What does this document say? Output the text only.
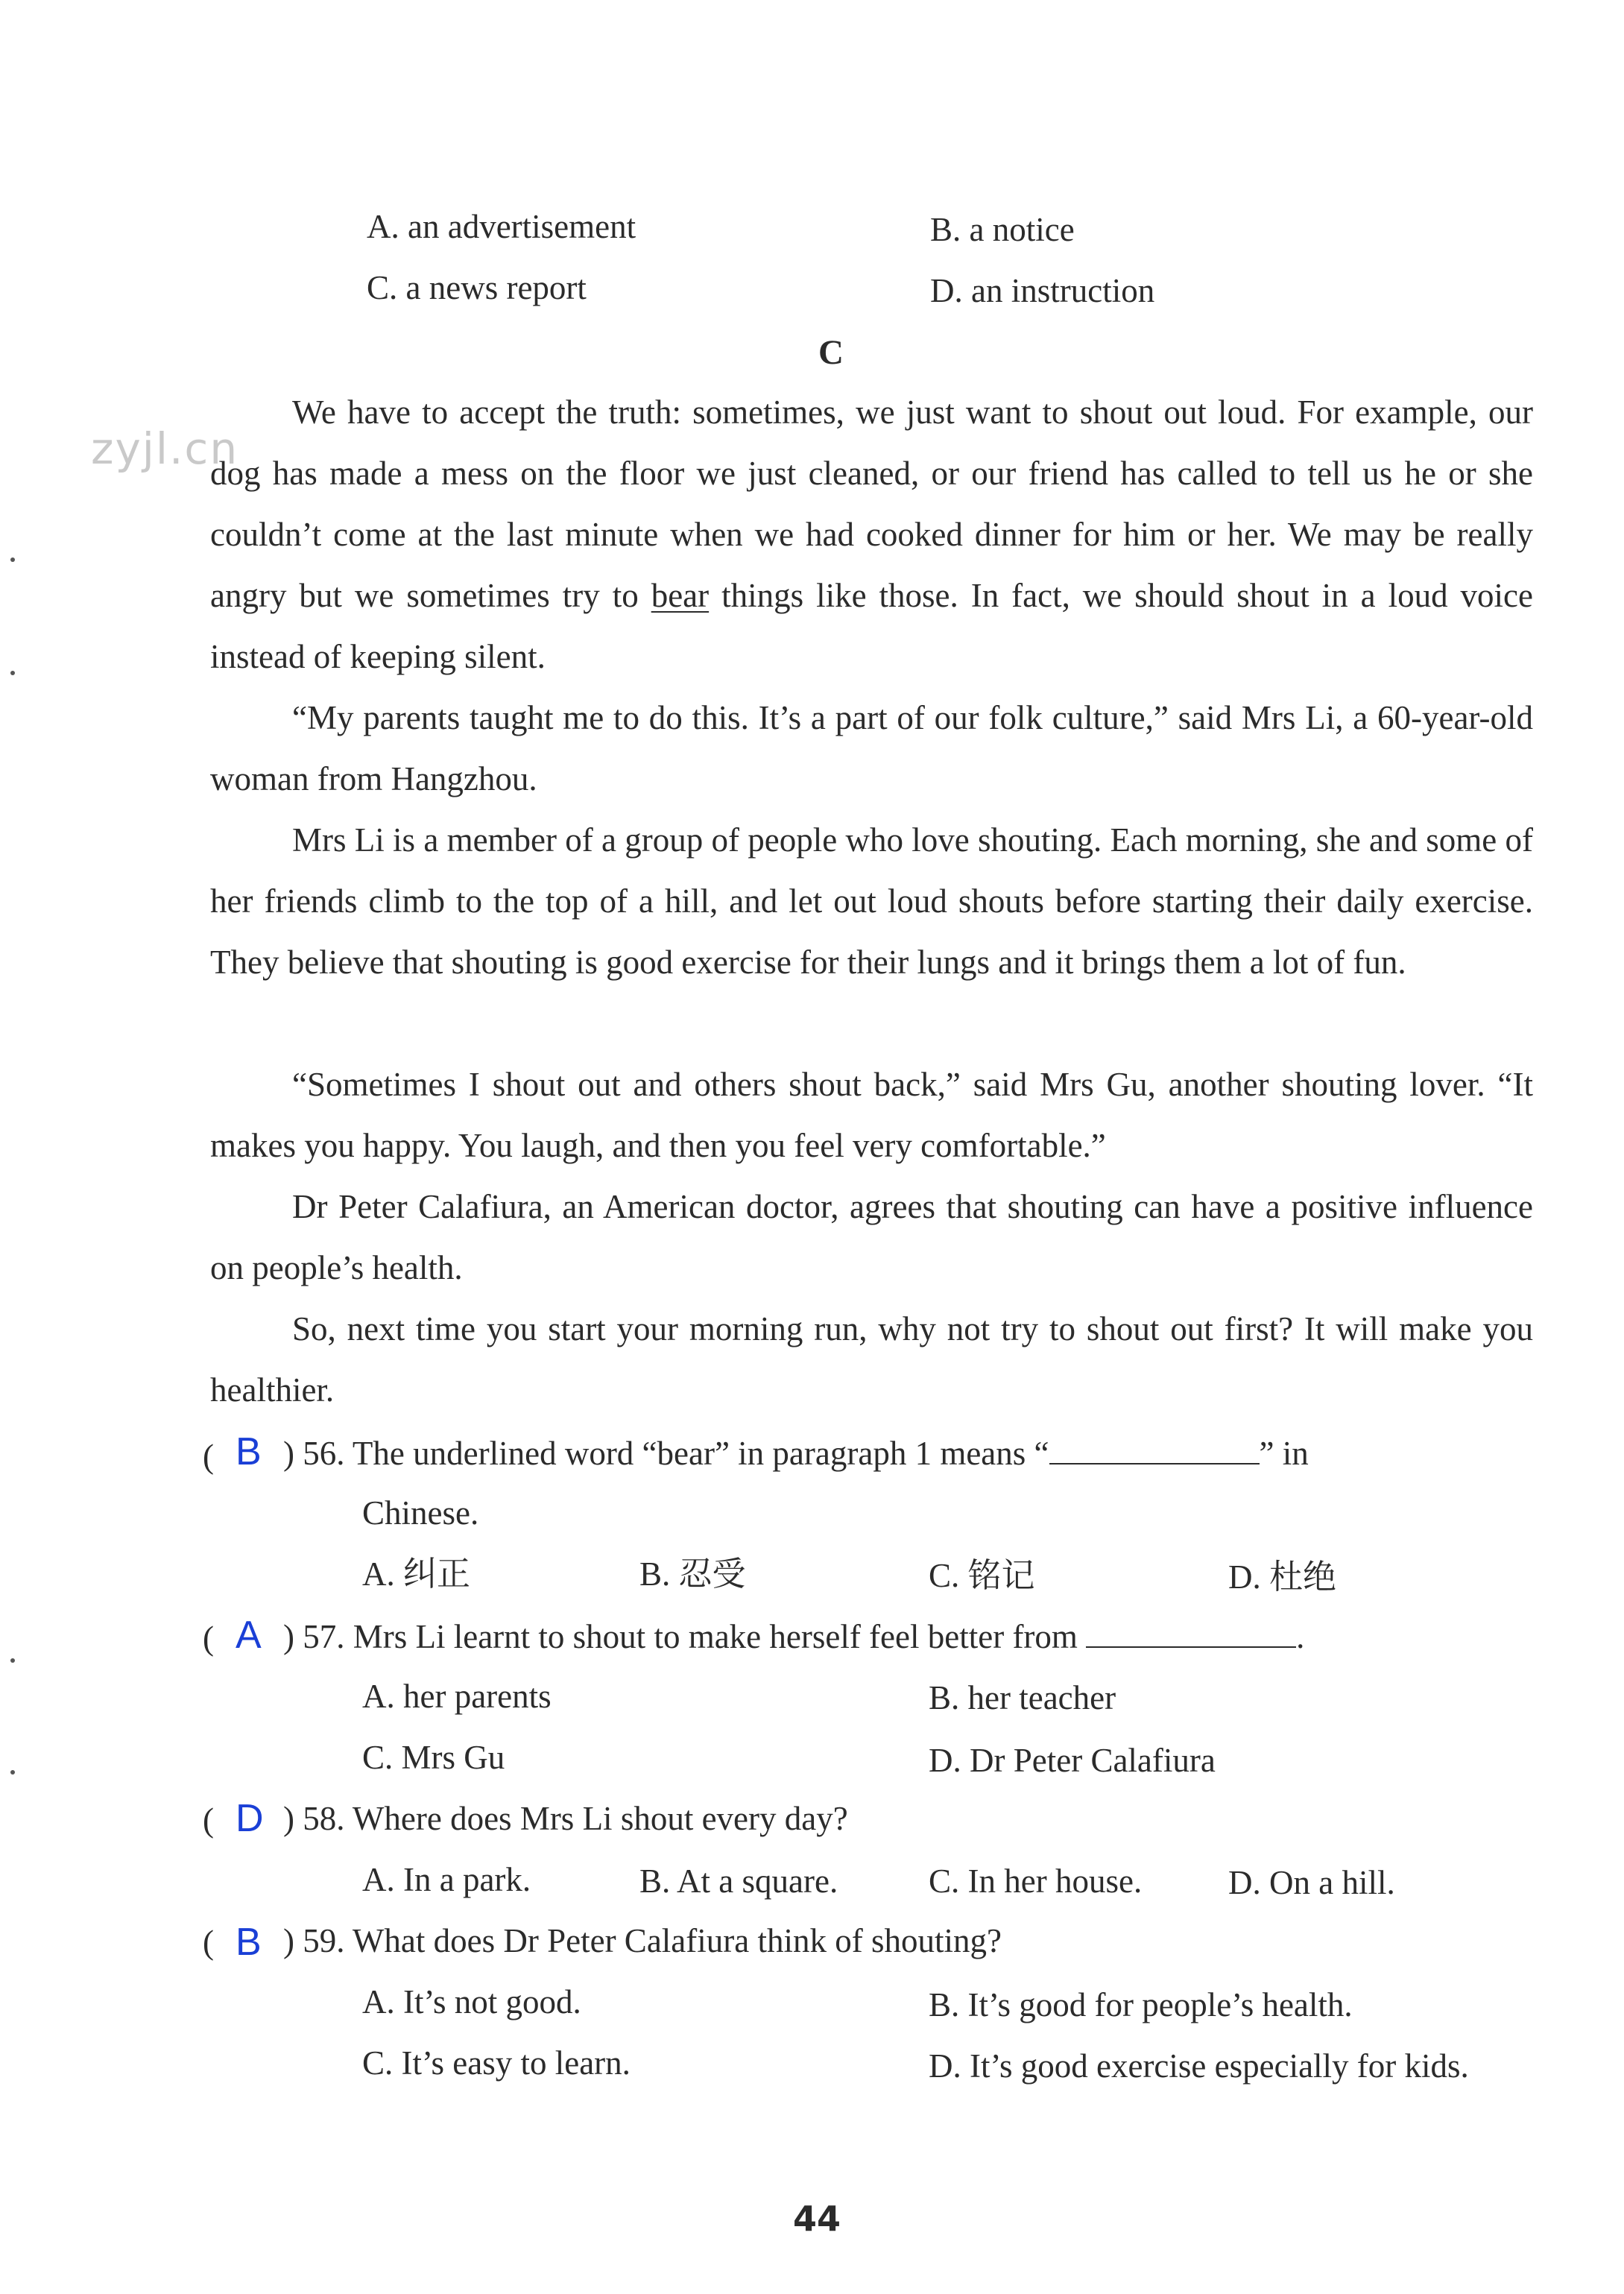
A. an advertisement	B. a notice
C. a news report	D. an instruction
C
zyjl.cn

We have to accept the truth: sometimes, we just want to shout out loud. For example, our dog has made a mess on the floor we just cleaned, or our friend has called to tell us he or she couldn’t come at the last minute when we had cooked dinner for him or her. We may be really angry but we sometimes try to bear things like those. In fact, we should shout in a loud voice instead of keeping silent.

“My parents taught me to do this. It’s a part of our folk culture,” said Mrs Li, a 60-year-old woman from Hangzhou.

Mrs Li is a member of a group of people who love shouting. Each morning, she and some of her friends climb to the top of a hill, and let out loud shouts before starting their daily exercise. They believe that shouting is good exercise for their lungs and it brings them a lot of fun.

“Sometimes I shout out and others shout back,” said Mrs Gu, another shouting lover. “It makes you happy. You laugh, and then you feel very comfortable.”

Dr Peter Calafiura, an American doctor, agrees that shouting can have a positive influence on people’s health.

So, next time you start your morning run, why not try to shout out first? It will make you healthier.

( B ) 56. The underlined word “bear” in paragraph 1 means “	” in
Chinese.
A. 纠正	B. 忍受	C. 铭记	D. 杜绝
( A ) 57. Mrs Li learnt to shout to make herself feel better from	.
A. her parents	B. her teacher
C. Mrs Gu	D. Dr Peter Calafiura
( D ) 58. Where does Mrs Li shout every day?
A. In a park.	B. At a square.	C. In her house.	D. On a hill.
( B ) 59. What does Dr Peter Calafiura think of shouting?
A. It’s not good.	B. It’s good for people’s health.
C. It’s easy to learn.	D. It’s good exercise especially for kids.
44
